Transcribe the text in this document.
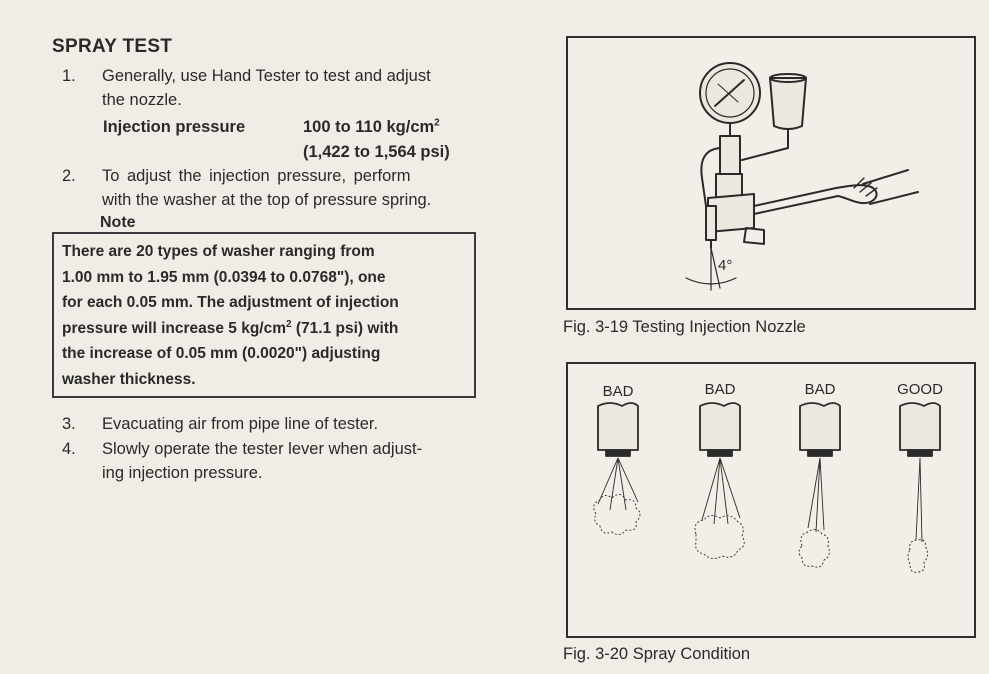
SPRAY TEST
1. Generally, use Hand Tester to test and adjust
the nozzle.
Injection pressure	100 to 110 $kg/cm^2$
(1,422 to 1,564 psi)
2. To adjust the injection pressure, perform
with the washer at the top of pressure spring.
Note
There are 20 types of washer ranging from
1.00 mm to 1.95 mm (0.0394 to 0.0768"), one
for each 0.05 mm. The adjustment of injection
pressure will increase 5 $kg/cm^2$ (71.1 psi) with
the increase of 0.05 mm (0.0020") adjusting
washer thickness.
3. Evacuating air from pipe line of tester.
4. Slowly operate the tester lever when adjust-
ing injection pressure.
4°
Fig. 3-19 Testing Injection Nozzle
BAD	BAD	BAD	GOOD
Fig. 3-20 Spray Condition
